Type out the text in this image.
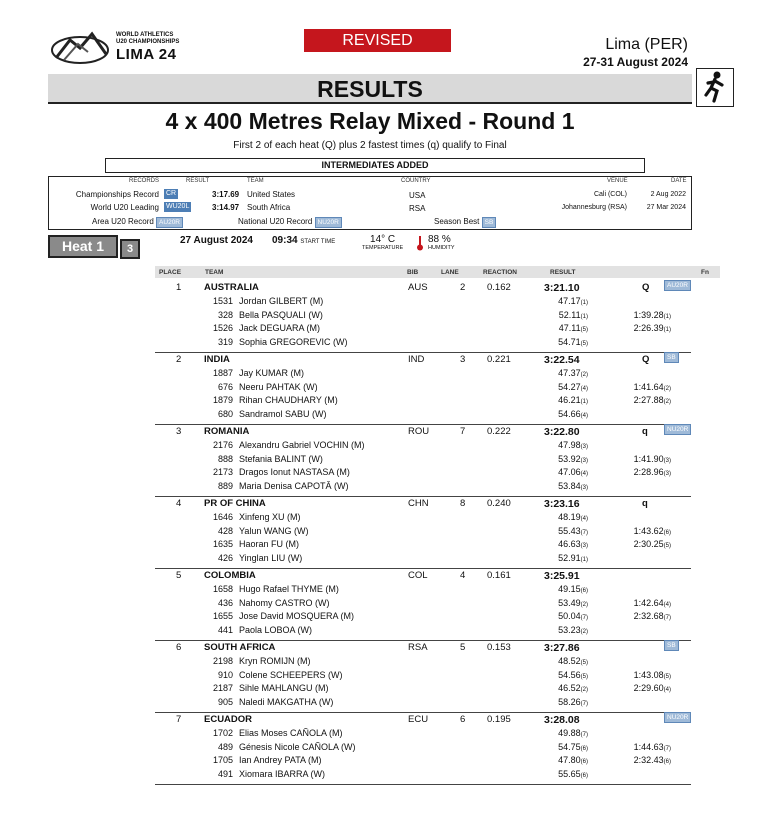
WORLD ATHLETICS
U20 CHAMPIONSHIPS
LIMA 24
REVISED	Lima (PER)
27-31 August 2024
RESULTS
4 x 400 Metres Relay Mixed - Round 1
First 2 of each heat (Q) plus 2 fastest times (q) qualify to Final
INTERMEDIATES ADDED
RECORDS	RESULT	TEAM	COUNTRY	VENUE	DATE
Championships Record CR	3:17.69 United States	USA	Cali (COL)	2 Aug 2022
World U20 Leading WU20L	3:14.97 South Africa	RSA	Johannesburg (RSA)	27 Mar 2024
Area U20 Record AU20R	National U20 Record NU20R	Season Best SB
Heat 1	3
27 August 2024 09:34 START TIME	14° C
TEMPERATURE
88 %
HUMIDITY
PLACE	TEAM	BIB	LANE	REACTION	RESULT	Fn
1 AUSTRALIA	AUS	2 0.162	3:21.10	Q	AU20R
1531 Jordan GILBERT (M)	47.17(1)
328 Bella PASQUALI (W)	52.11(1)	1:39.28(1)
1526 Jack DEGUARA (M)	47.11(5)	2:26.39(1)
319 Sophia GREGOREVIC (W)	54.71(5)
2 INDIA	IND	3 0.221	3:22.54	Q	SB
1887 Jay KUMAR (M)	47.37(2)
676 Neeru PAHTAK (W)	54.27(4)	1:41.64(2)
1879 Rihan CHAUDHARY (M)	46.21(1)	2:27.88(2)
680 Sandramol SABU (W)	54.66(4)
3 ROMANIA	ROU	7 0.222	3:22.80	q	NU20R
2176 Alexandru Gabriel VOCHIN (M)	47.98(3)
888 Stefania BALINT (W)	53.92(3)	1:41.90(3)
2173 Dragos Ionut NASTASA (M)	47.06(4)	2:28.96(3)
889 Maria Denisa CAPOTĂ (W)	53.84(3)
4 PR OF CHINA	CHN	8 0.240	3:23.16	q
1646 Xinfeng XU (M)	48.19(4)
428 Yalun WANG (W)	55.43(7)	1:43.62(6)
1635 Haoran FU (M)	46.63(3)	2:30.25(5)
426 Yinglan LIU (W)	52.91(1)
5 COLOMBIA	COL	4 0.161	3:25.91
1658 Hugo Rafael THYME (M)	49.15(6)
436 Nahomy CASTRO (W)	53.49(2)	1:42.64(4)
1655 Jose David MOSQUERA (M)	50.04(7)	2:32.68(7)
441 Paola LOBOA (W)	53.23(2)
6 SOUTH AFRICA	RSA	5 0.153	3:27.86	SB
2198 Kryn ROMIJN (M)	48.52(5)
910 Colene SCHEEPERS (W)	54.56(5)	1:43.08(5)
2187 Sihle MAHLANGU (M)	46.52(2)	2:29.60(4)
905 Naledi MAKGATHA (W)	58.26(7)
7 ECUADOR	ECU	6 0.195	3:28.08	NU20R
1702 Elias Moses CAÑOLA (M)	49.88(7)
489 Génesis Nicole CAÑOLA (W)	54.75(6)	1:44.63(7)
1705 Ian Andrey PATA (M)	47.80(6)	2:32.43(6)
491 Xiomara IBARRA (W)	55.65(6)
